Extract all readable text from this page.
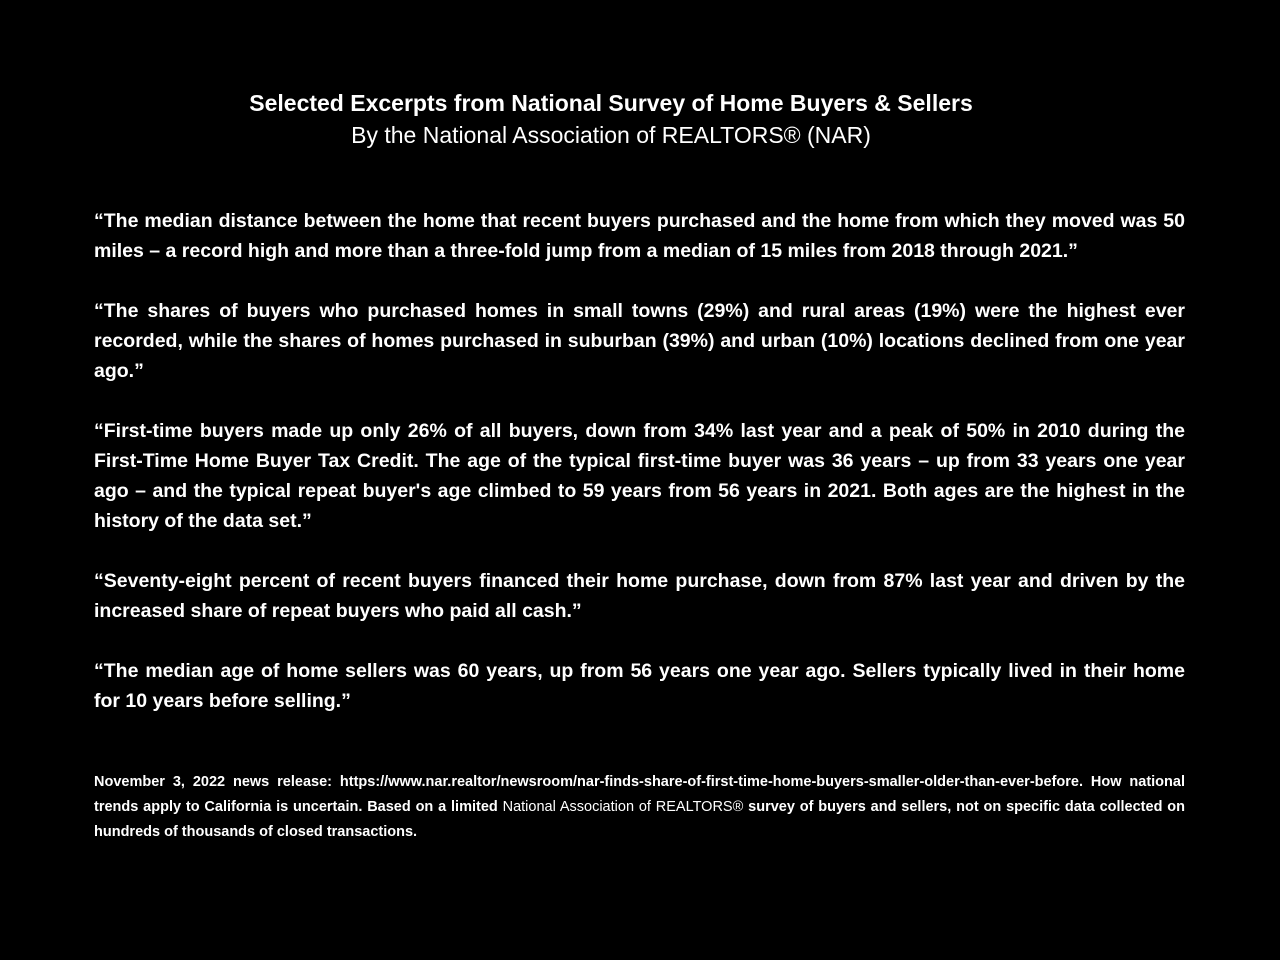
Selected Excerpts from National Survey of Home Buyers & Sellers
By the National Association of REALTORS® (NAR)

“The median distance between the home that recent buyers purchased and the home from which they moved was 50 miles – a record high and more than a three-fold jump from a median of 15 miles from 2018 through 2021.”

“The shares of buyers who purchased homes in small towns (29%) and rural areas (19%) were the highest ever recorded, while the shares of homes purchased in suburban (39%) and urban (10%) locations declined from one year ago.”

“First-time buyers made up only 26% of all buyers, down from 34% last year and a peak of 50% in 2010 during the First-Time Home Buyer Tax Credit. The age of the typical first-time buyer was 36 years – up from 33 years one year ago – and the typical repeat buyer's age climbed to 59 years from 56 years in 2021. Both ages are the highest in the history of the data set.”

“Seventy-eight percent of recent buyers financed their home purchase, down from 87% last year and driven by the increased share of repeat buyers who paid all cash.”

“The median age of home sellers was 60 years, up from 56 years one year ago. Sellers typically lived in their home for 10 years before selling.”

November 3, 2022 news release: https://www.nar.realtor/newsroom/nar-finds-share-of-first-time-home-buyers-smaller-older-than-ever-before. How national trends apply to California is uncertain. Based on a limited National Association of REALTORS® survey of buyers and sellers, not on specific data collected on hundreds of thousands of closed transactions.
